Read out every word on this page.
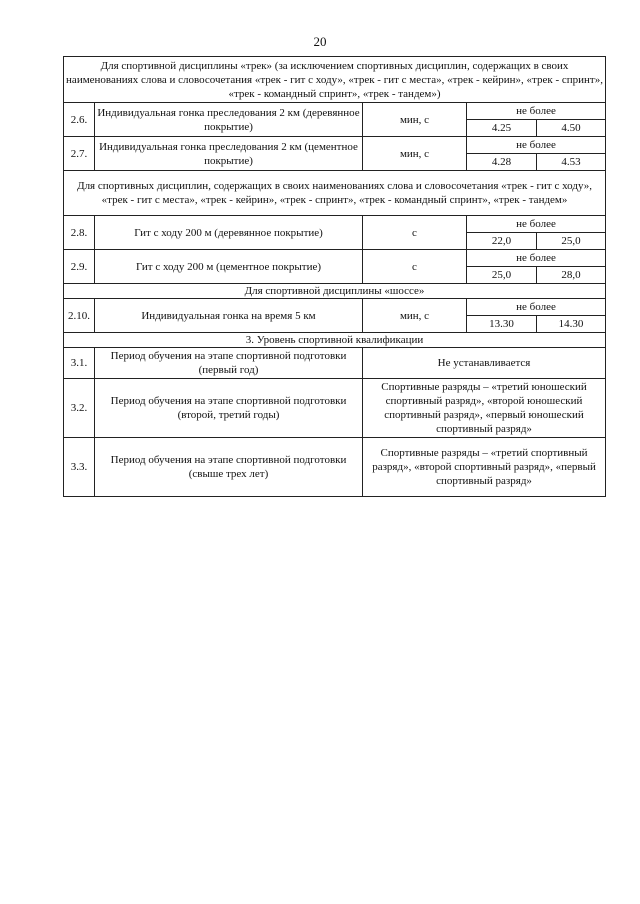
20
Для спортивной дисциплины «трек» (за исключением спортивных дисциплин, содержащих в своих наименованиях слова и словосочетания «трек - гит с ходу», «трек - гит с места», «трек - кейрин», «трек - спринт», «трек - командный спринт», «трек - тандем»)				
2.6.	Индивидуальная гонка преследования 2 км (деревянное покрытие)	мин, с	не более	
			4.25	4.50
2.7.	Индивидуальная гонка преследования 2 км (цементное покрытие)	мин, с	не более	
			4.28	4.53
Для спортивных дисциплин, содержащих в своих наименованиях слова и словосочетания «трек - гит с ходу», «трек - гит с места», «трек - кейрин», «трек - спринт», «трек - командный спринт», «трек - тандем»				
2.8.	Гит с ходу 200 м (деревянное покрытие)	с	не более	
			22,0	25,0
2.9.	Гит с ходу 200 м (цементное покрытие)	с	не более	
			25,0	28,0
Для спортивной дисциплины «шоссе»				
2.10.	Индивидуальная гонка на время 5 км	мин, с	не более	
			13.30	14.30
3. Уровень спортивной квалификации				
3.1.	Период обучения на этапе спортивной подготовки (первый год)	Не устанавливается		
3.2.	Период обучения на этапе спортивной подготовки (второй, третий годы)	Спортивные разряды – «третий юношеский спортивный разряд», «второй юношеский спортивный разряд», «первый юношеский спортивный разряд»		
3.3.	Период обучения на этапе спортивной подготовки (свыше трех лет)	Спортивные разряды – «третий спортивный разряд», «второй спортивный разряд», «первый спортивный разряд»		
